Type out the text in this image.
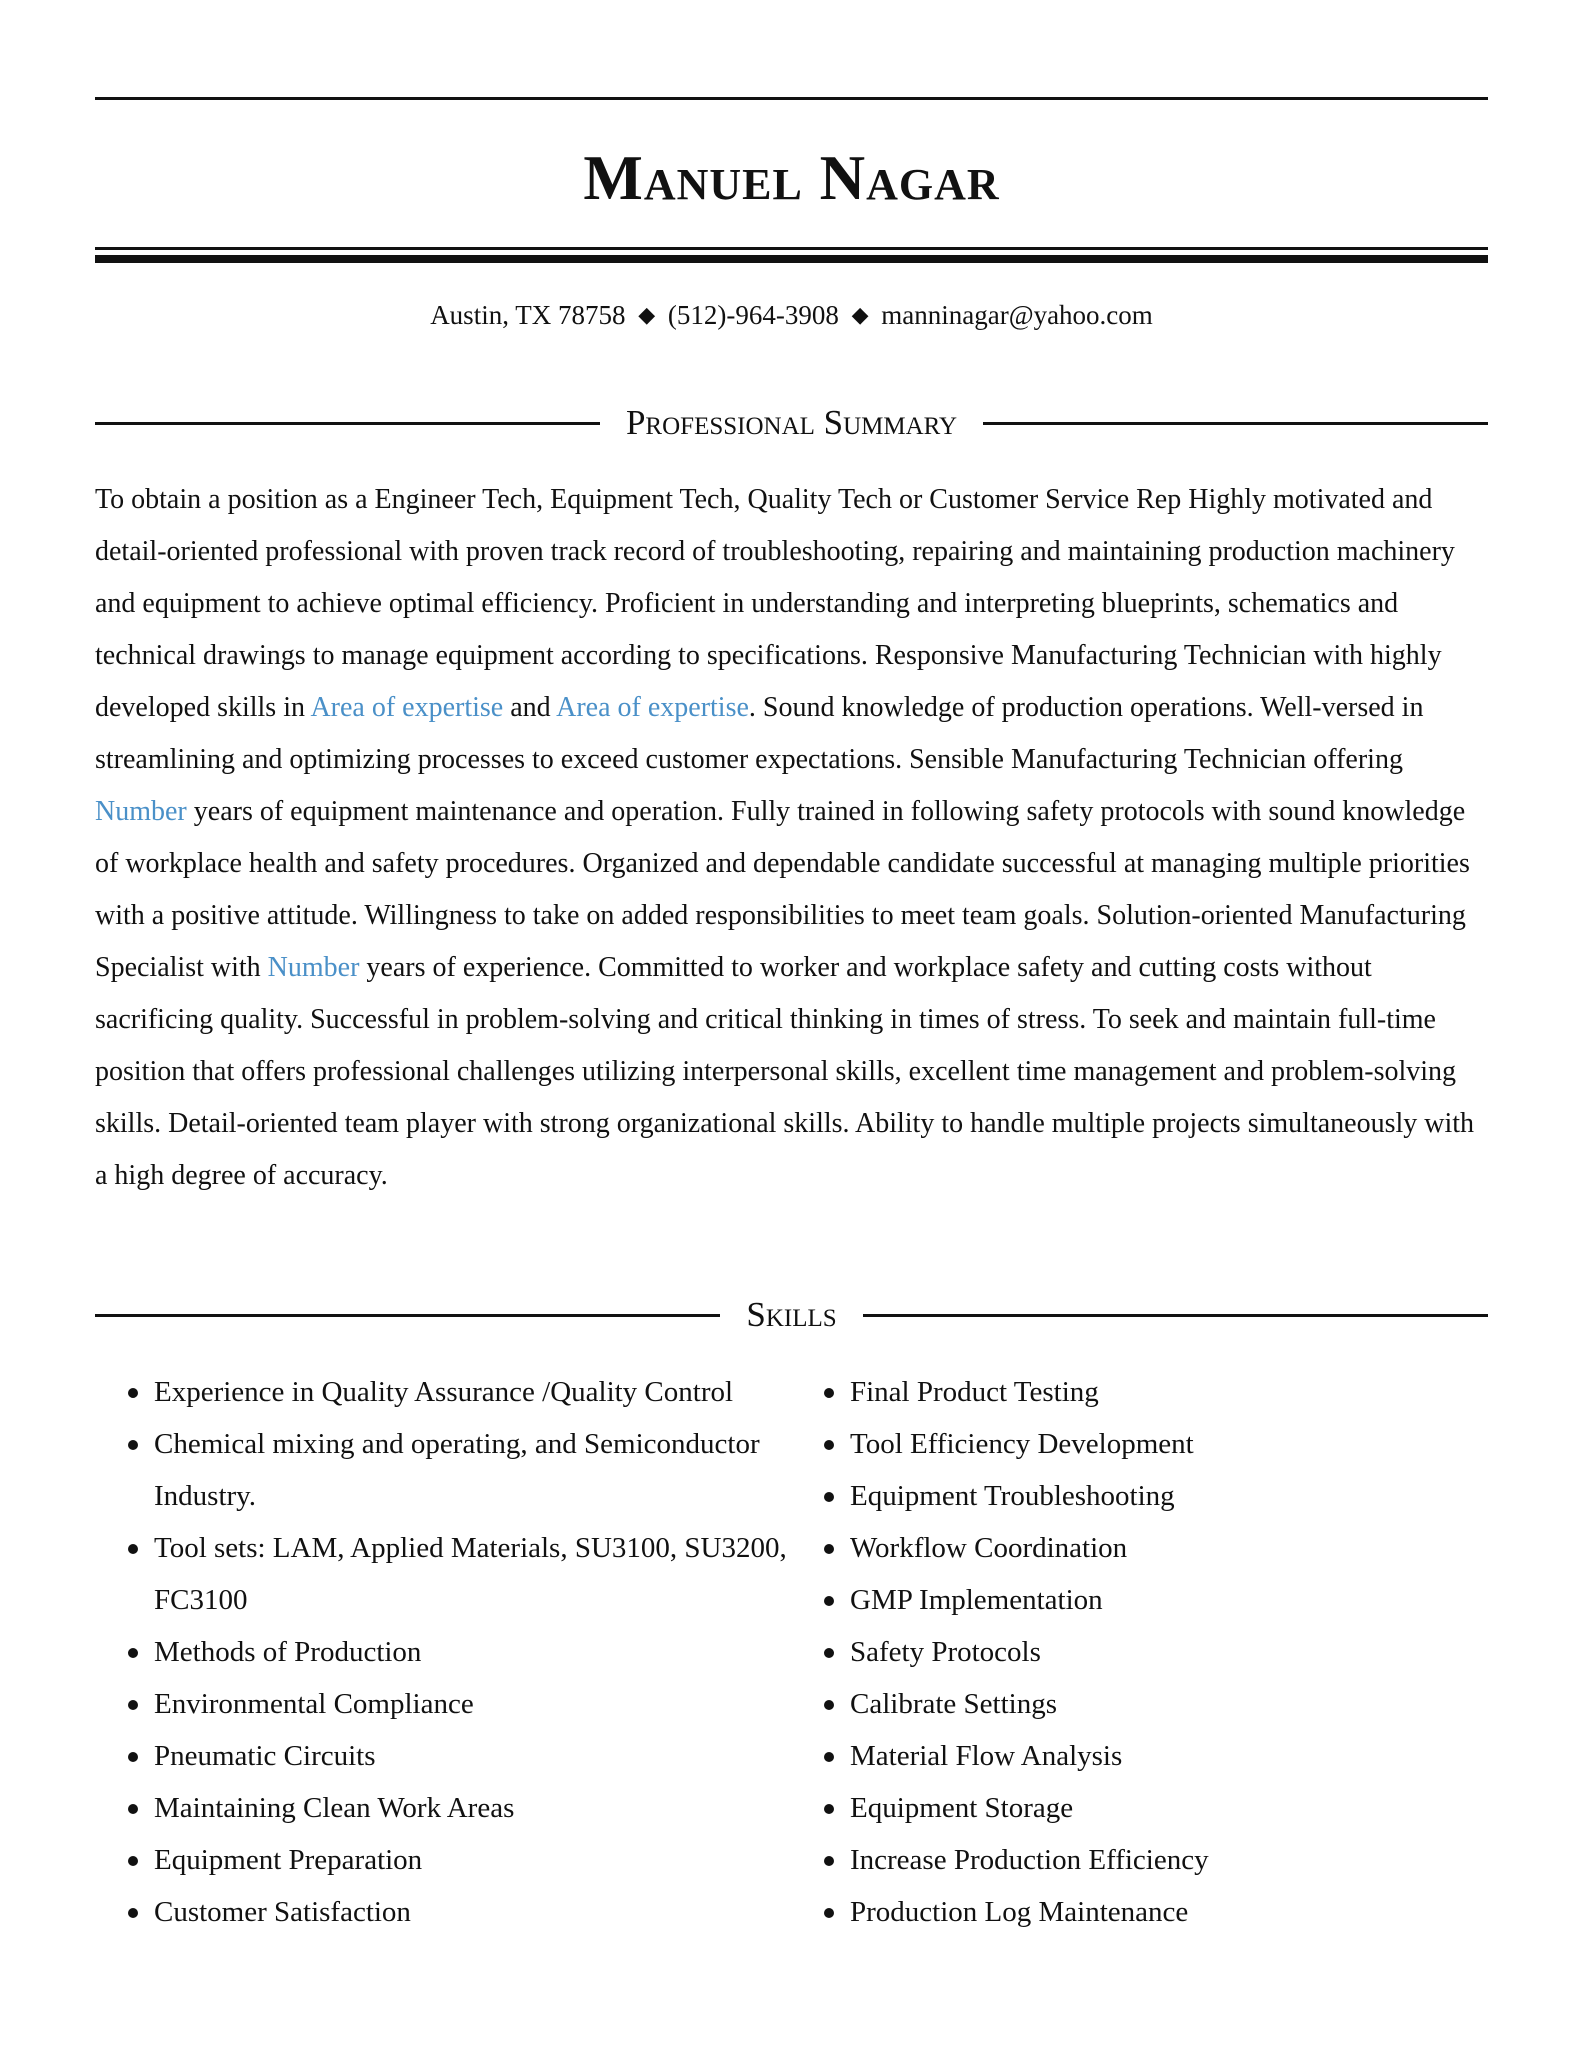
Manuel Nagar
Austin, TX 78758 ◆ (512)-964-3908 ◆ manninagar@yahoo.com
Professional Summary
To obtain a position as a Engineer Tech, Equipment Tech, Quality Tech or Customer Service Rep Highly motivated and detail-oriented professional with proven track record of troubleshooting, repairing and maintaining production machinery and equipment to achieve optimal efficiency. Proficient in understanding and interpreting blueprints, schematics and technical drawings to manage equipment according to specifications. Responsive Manufacturing Technician with highly developed skills in Area of expertise and Area of expertise. Sound knowledge of production operations. Well-versed in streamlining and optimizing processes to exceed customer expectations. Sensible Manufacturing Technician offering Number years of equipment maintenance and operation. Fully trained in following safety protocols with sound knowledge of workplace health and safety procedures. Organized and dependable candidate successful at managing multiple priorities with a positive attitude. Willingness to take on added responsibilities to meet team goals. Solution-oriented Manufacturing Specialist with Number years of experience. Committed to worker and workplace safety and cutting costs without sacrificing quality. Successful in problem-solving and critical thinking in times of stress. To seek and maintain full-time position that offers professional challenges utilizing interpersonal skills, excellent time management and problem-solving skills. Detail-oriented team player with strong organizational skills. Ability to handle multiple projects simultaneously with a high degree of accuracy.
Skills
Experience in Quality Assurance /Quality Control
Chemical mixing and operating, and Semiconductor Industry.
Tool sets: LAM, Applied Materials, SU3100, SU3200, FC3100
Methods of Production
Environmental Compliance
Pneumatic Circuits
Maintaining Clean Work Areas
Equipment Preparation
Customer Satisfaction
Final Product Testing
Tool Efficiency Development
Equipment Troubleshooting
Workflow Coordination
GMP Implementation
Safety Protocols
Calibrate Settings
Material Flow Analysis
Equipment Storage
Increase Production Efficiency
Production Log Maintenance
